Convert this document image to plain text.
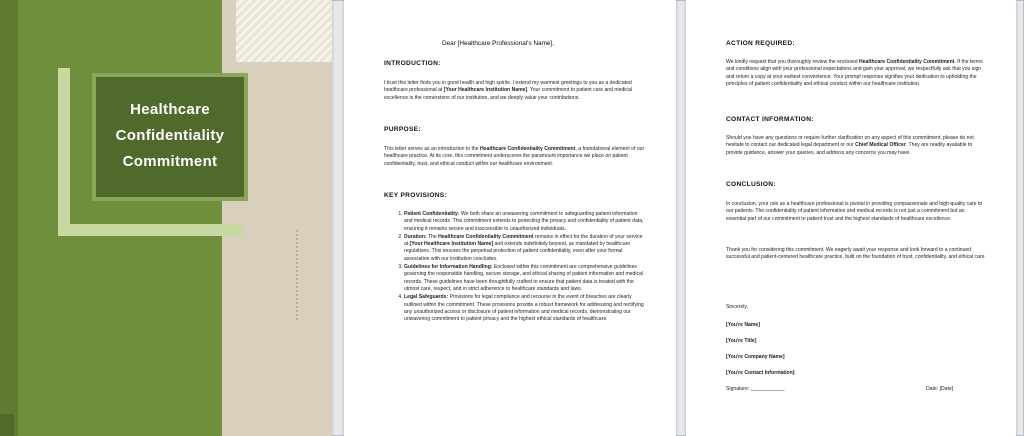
Healthcare
Confidentiality
Commitment
Dear [Healthcare Professional's Name],
INTRODUCTION:
I trust this letter finds you in good health and high spirits. I extend my warmest greetings to you as a dedicated healthcare professional at [Your Healthcare Institution Name]. Your commitment to patient care and medical excellence is the cornerstone of our institution, and we deeply value your contributions.
PURPOSE:
This letter serves as an introduction to the Healthcare Confidentiality Commitment, a foundational element of our healthcare practice. At its core, this commitment underscores the paramount importance we place on patient confidentiality, trust, and ethical conduct within our healthcare environment.
KEY PROVISIONS:
1. Patient Confidentiality: We both share an unwavering commitment to safeguarding patient information and medical records. This commitment extends to protecting the privacy and confidentiality of patient data, ensuring it remains secure and inaccessible to unauthorized individuals.
2. Duration: The Healthcare Confidentiality Commitment remains in effect for the duration of your service at [Your Healthcare Institution Name] and extends indefinitely beyond, as mandated by healthcare regulations. This ensures the perpetual protection of patient confidentiality, even after your formal association with our institution concludes.
3. Guidelines for Information Handling: Enclosed within this commitment are comprehensive guidelines governing the responsible handling, secure storage, and ethical sharing of patient information and medical records. These guidelines have been thoughtfully crafted to ensure that patient data is treated with the utmost care, respect, and in strict adherence to healthcare standards and laws.
4. Legal Safeguards: Provisions for legal compliance and recourse in the event of breaches are clearly outlined within the commitment. These provisions provide a robust framework for addressing and rectifying any unauthorized access or disclosure of patient information and medical records, demonstrating our unwavering commitment to patient privacy and the highest ethical standards of healthcare.
ACTION REQUIRED:
We kindly request that you thoroughly review the enclosed Healthcare Confidentiality Commitment. If the terms and conditions align with your professional expectations and gain your approval, we respectfully ask that you sign and return a copy at your earliest convenience. Your prompt response signifies your dedication to upholding the principles of patient confidentiality and ethical conduct within our healthcare institution.
CONTACT INFORMATION:
Should you have any questions or require further clarification on any aspect of this commitment, please do not hesitate to contact our dedicated legal department or our Chief Medical Officer. They are readily available to provide guidance, answer your queries, and address any concerns you may have.
CONCLUSION:
In conclusion, your role as a healthcare professional is pivotal in providing compassionate and high-quality care to our patients. The confidentiality of patient information and medical records is not just a commitment but an essential part of our commitment to patient trust and the highest standards of healthcare excellence.
Thank you for considering this commitment. We eagerly await your response and look forward to a continued successful and patient-centered healthcare practice, built on the foundation of trust, confidentiality, and ethical care.
Sincerely,
[You're Name]
[You're Title]
[You're Company Name]
[You're Contact Information]
Signature: ____________	Date: [Date]
